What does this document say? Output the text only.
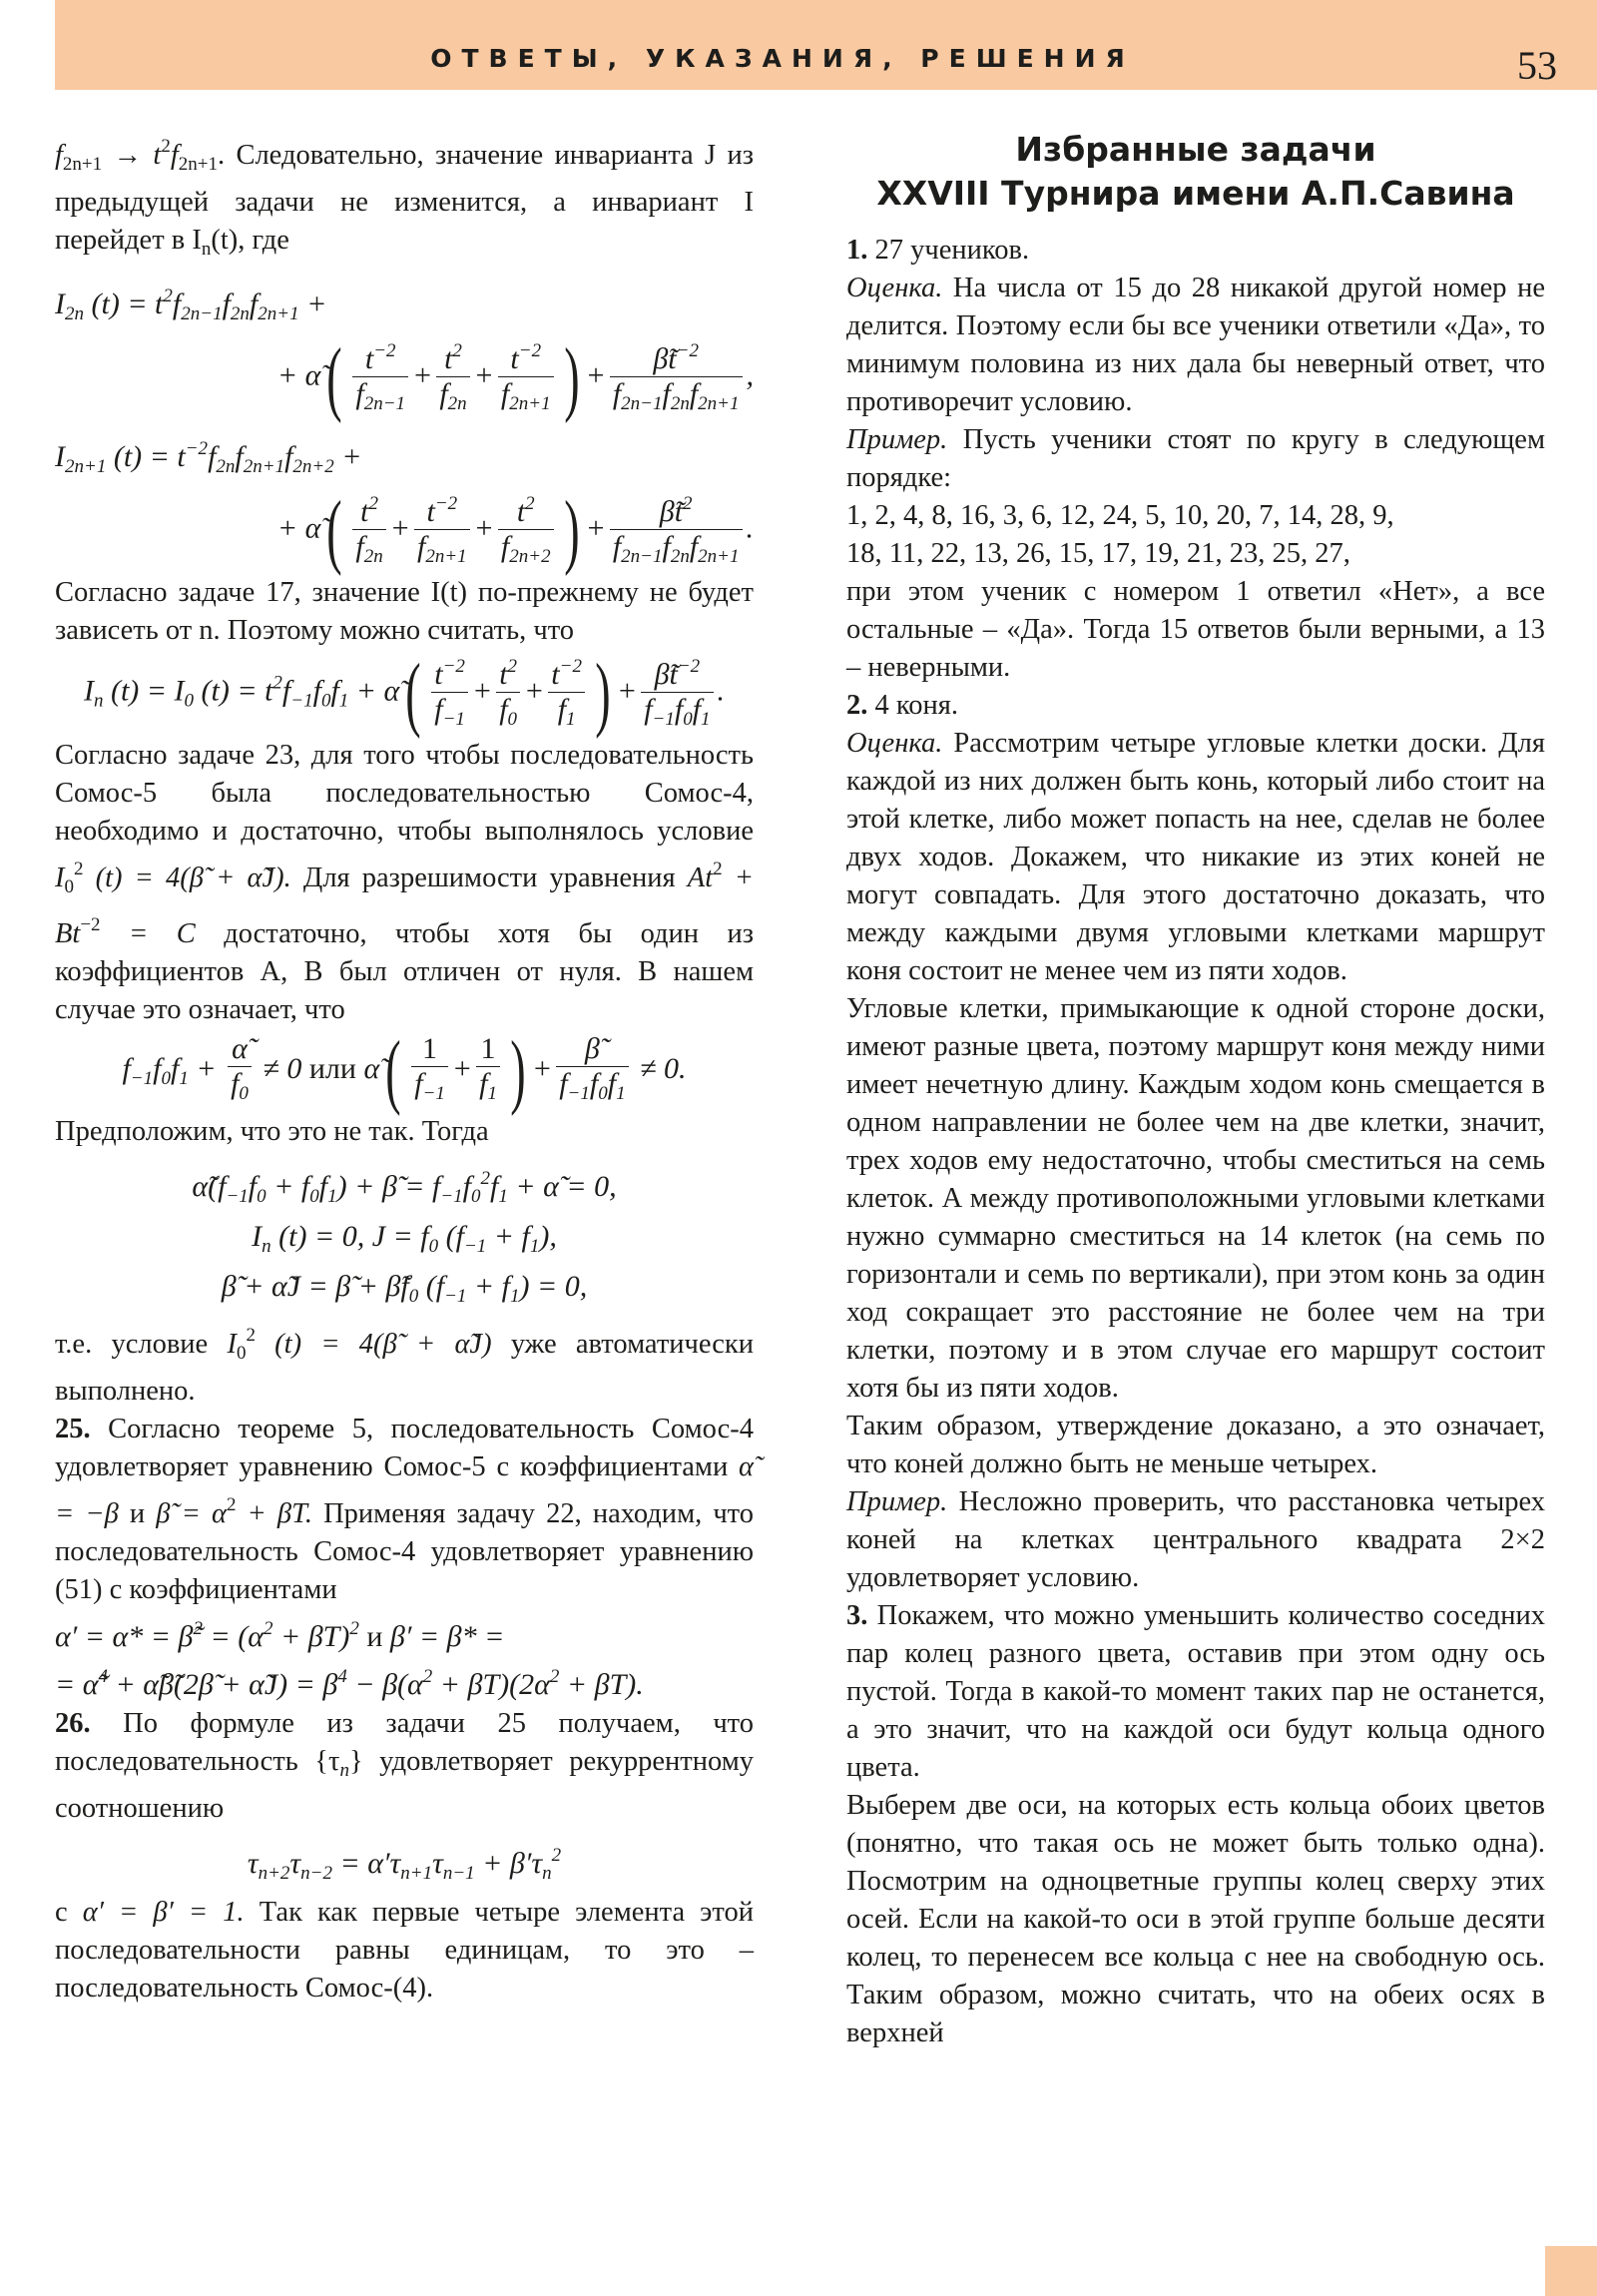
ОТВЕТЫ, УКАЗАНИЯ, РЕШЕНИЯ	53

$f_{2n+1} \to t^2f_{2n+1}$. Следовательно, значение инварианта J из предыдущей задачи не изменится, а инвариант I перейдет в $I_n(t)$, где

$I_{2n}$ $(t) = t^2f_{2n-1}f_{2n}f_{2n+1}$ +
+ α̃( $\frac{t^{-2}}{f_{2n-1}} + \frac{t^2}{f_{2n}} + \frac{t^{-2}}{f_{2n+1}}$ ) + $\frac{\betãt^{-2}}{f_{2n-1}f_{2n}f_{2n+1}}$ ,
$I_{2n+1}$ $(t) = t^{-2}f_{2n}f_{2n+1}f_{2n+2}$ +
+ α̃( $\frac{t^2}{f_{2n}} + \frac{t^{-2}}{f_{2n+1}} + \frac{t^2}{f_{2n+2}}$ ) + $\frac{\betãt^2}{f_{2n-1}f_{2n}f_{2n+1}}$ .

Согласно задаче 17, значение I(t) по-прежнему не будет зависеть от n. Поэтому можно считать, что

$I_n$ $(t) = I_0$ $(t) = t^2f_{-1}f_0f_1$ + α̃( $\frac{t^{-2}}{f_{-1}} + \frac{t^2}{f_0} + \frac{t^{-2}}{f_1}$ ) + $\frac{\betãt^{-2}}{f_{-1}f_0f_1}$ .

Согласно задаче 23, для того чтобы последовательность Сомос-5 была последовательностью Сомос-4, необходимо и достаточно, чтобы выполнялось условие $I_0^2$ (t) = 4(β̃ + α̃J). Для разрешимости уравнения $At^2 + Bt^{-2} = C$ достаточно, чтобы хотя бы один из коэффициентов A, B был отличен от нуля. В нашем случае это означает, что

$f_{-1}f_0f_1 + \frac{\alphã}{f_0} \ne 0$ или α̃( $\frac{1}{f_{-1}} + \frac{1}{f_1}$ ) + $\frac{\betã}{f_{-1}f_0f_1} \ne 0$.

Предположим, что это не так. Тогда

$\alphã(f_{-1}f_0 + f_0f_1)$ + β̃ = $f_{-1}f_0^2f_1$ + α̃ = 0,
$I_n$ (t) = 0, $J = f_0$ $(f_{-1} + f_1)$,
β̃ + α̃J = β̃ + $\betãf_0$ $(f_{-1} + f_1) = 0$,

т.е. условие $I_0^2$ (t) = 4(β̃ + α̃J) уже автоматически выполнено.

25. Согласно теореме 5, последовательность Сомос-4 удовлетворяет уравнению Сомос-5 с коэффициентами α̃ = −β и β̃ = $\alpha^2 + \beta T$. Применяя задачу 22, находим, что последовательность Сомос-4 удовлетворяет уравнению (51) с коэффициентами

α′ = α* = β̃$^2$ = $(\alpha^2 + \beta T)^2$ и β′ = β* =
= α̃$^4$ + α̃β̃(2β̃ + α̃J) = $\beta^4 - \beta(\alpha^2 + \beta T)(2\alpha^2 + \beta T)$.

26. По формуле из задачи 25 получаем, что последовательность $\{\tau_n\}$ удовлетворяет рекуррентному соотношению

$\tau_{n+2}\tau_{n-2} = \alpha'\tau_{n+1}\tau_{n-1} + \beta'\tau_n^2$

с α′ = β′ = 1. Так как первые четыре элемента этой последовательности равны единицам, то это – последовательность Сомос-(4).

Избранные задачи
XXVIII Турнира имени А.П.Савина

1. 27 учеников.

Оценка. На числа от 15 до 28 никакой другой номер не делится. Поэтому если бы все ученики ответили «Да», то минимум половина из них дала бы неверный ответ, что противоречит условию.

Пример. Пусть ученики стоят по кругу в следующем порядке:

1, 2, 4, 8, 16, 3, 6, 12, 24, 5, 10, 20, 7, 14, 28, 9,

18, 11, 22, 13, 26, 15, 17, 19, 21, 23, 25, 27,

при этом ученик с номером 1 ответил «Нет», а все остальные – «Да». Тогда 15 ответов были верными, а 13 – неверными.

2. 4 коня.

Оценка. Рассмотрим четыре угловые клетки доски. Для каждой из них должен быть конь, который либо стоит на этой клетке, либо может попасть на нее, сделав не более двух ходов. Докажем, что никакие из этих коней не могут совпадать. Для этого достаточно доказать, что между каждыми двумя угловыми клетками маршрут коня состоит не менее чем из пяти ходов.

Угловые клетки, примыкающие к одной стороне доски, имеют разные цвета, поэтому маршрут коня между ними имеет нечетную длину. Каждым ходом конь смещается в одном направлении не более чем на две клетки, значит, трех ходов ему недостаточно, чтобы сместиться на семь клеток. А между противоположными угловыми клетками нужно суммарно сместиться на 14 клеток (на семь по горизонтали и семь по вертикали), при этом конь за один ход сокращает это расстояние не более чем на три клетки, поэтому и в этом случае его маршрут состоит хотя бы из пяти ходов.

Таким образом, утверждение доказано, а это означает, что коней должно быть не меньше четырех.

Пример. Несложно проверить, что расстановка четырех коней на клетках центрального квадрата 2×2 удовлетворяет условию.

3. Покажем, что можно уменьшить количество соседних пар колец разного цвета, оставив при этом одну ось пустой. Тогда в какой-то момент таких пар не останется, а это значит, что на каждой оси будут кольца одного цвета.

Выберем две оси, на которых есть кольца обоих цветов (понятно, что такая ось не может быть только одна). Посмотрим на одноцветные группы колец сверху этих осей. Если на какой-то оси в этой группе больше десяти колец, то перенесем все кольца с нее на свободную ось. Таким образом, можно считать, что на обеих осях в верхней
